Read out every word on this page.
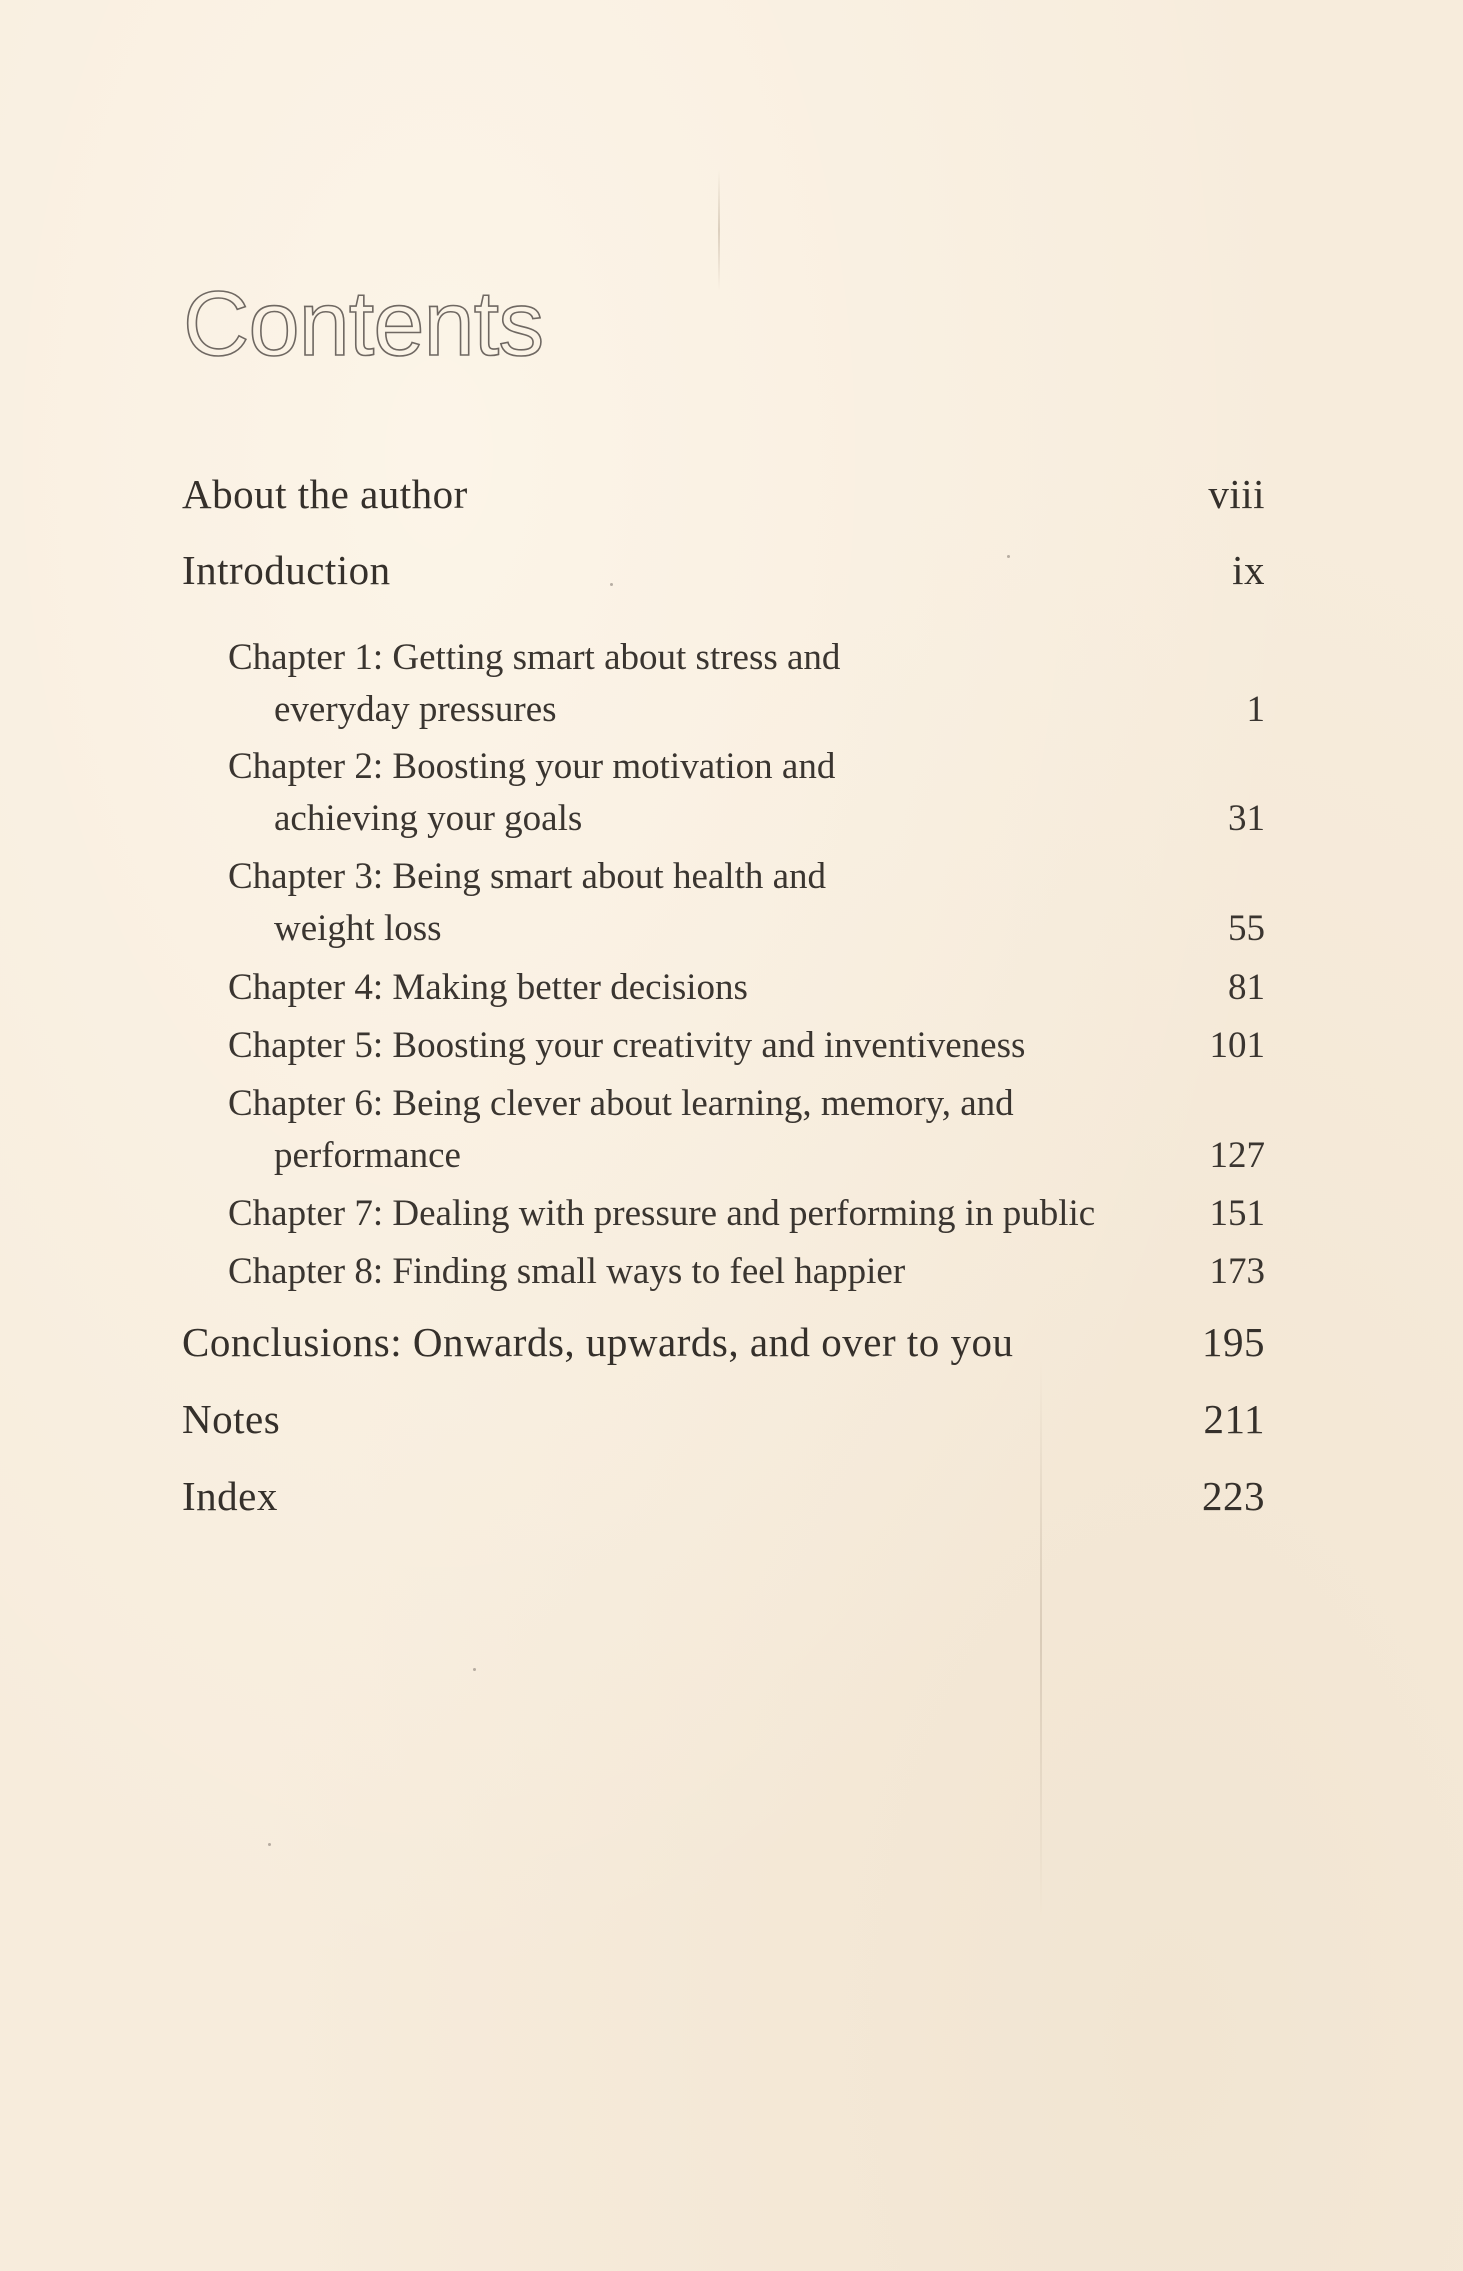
Contents
About the author	viii
Introduction	ix
Chapter 1: Getting smart about stress and
everyday pressures	1
Chapter 2: Boosting your motivation and
achieving your goals	31
Chapter 3: Being smart about health and
weight loss	55
Chapter 4: Making better decisions	81
Chapter 5: Boosting your creativity and inventiveness	101
Chapter 6: Being clever about learning, memory, and
performance	127
Chapter 7: Dealing with pressure and performing in public	151
Chapter 8: Finding small ways to feel happier	173
Conclusions: Onwards, upwards, and over to you	195
Notes	211
Index	223
